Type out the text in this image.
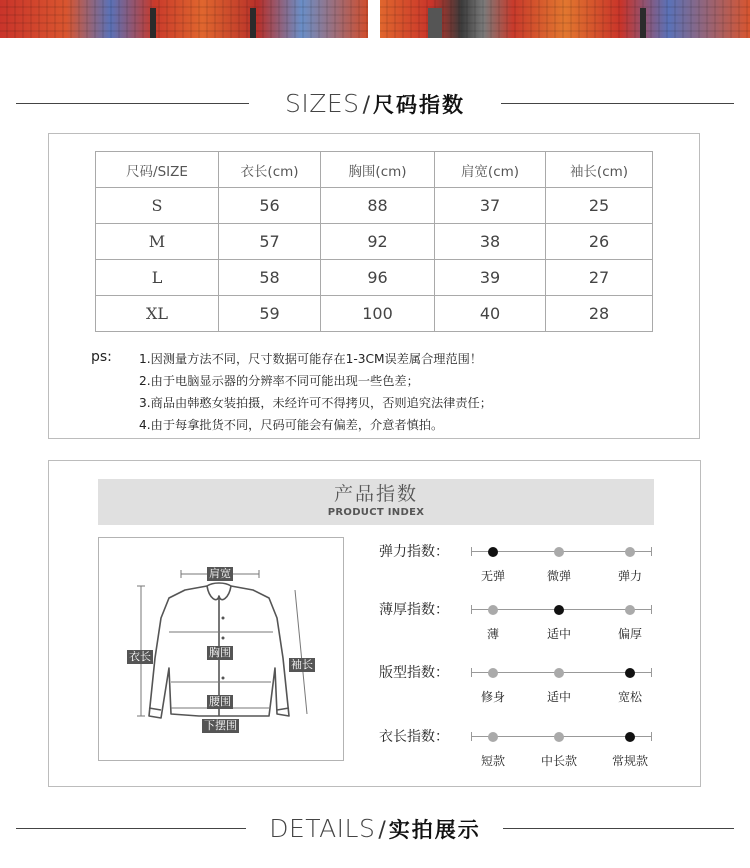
SIZES / 尺码指数
尺码/SIZE	衣长(cm)	胸围(cm)	肩宽(cm)	袖长(cm)
S	56	88	37	25
M	57	92	38	26
L	58	96	39	27
XL	59	100	40	28
ps: 1.因测量方法不同，尺寸数据可能存在1-3CM误差属合理范围！
2.由于电脑显示器的分辨率不同可能出现一些色差；
3.商品由韩憨女装拍摄，未经许可不得拷贝，否则追究法律责任；
4.由于每拿批货不同，尺码可能会有偏差，介意者慎拍。
产品指数
PRODUCT INDEX
肩宽
衣长	胸围
袖长
腰围
下摆围
弹力指数：
无弹	微弹	弹力
薄厚指数：
薄	适中	偏厚
版型指数：
修身	适中	宽松
衣长指数：
短款	中长款	常规款
DETAILS / 实拍展示
